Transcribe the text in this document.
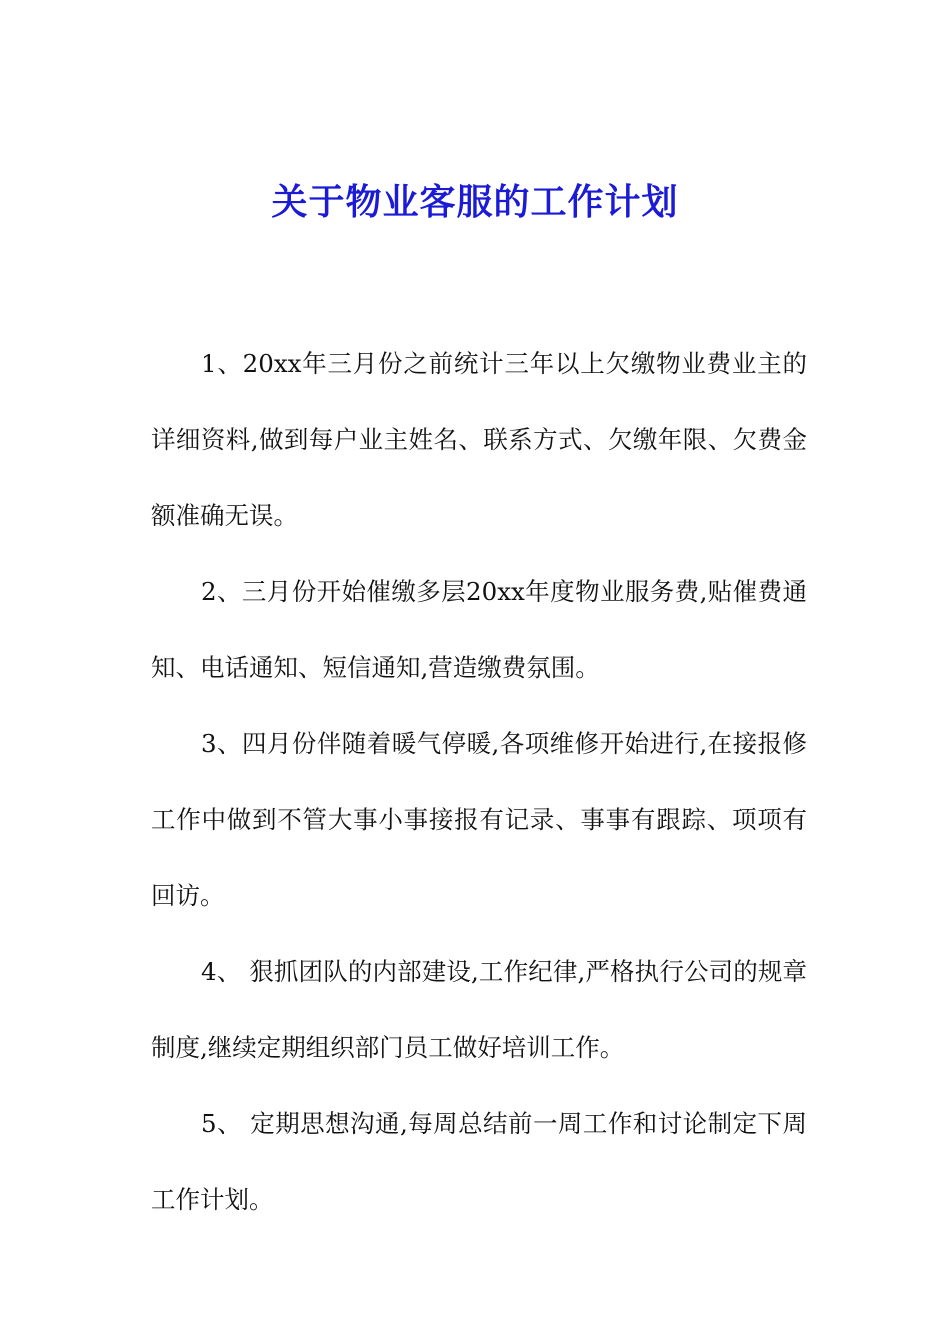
关于物业客服的工作计划

1、20xx年三月份之前统计三年以上欠缴物业费业主的详细资料,做到每户业主姓名、联系方式、欠缴年限、欠费金额准确无误。

2、三月份开始催缴多层20xx年度物业服务费,贴催费通知、电话通知、短信通知,营造缴费氛围。

3、四月份伴随着暖气停暖,各项维修开始进行,在接报修工作中做到不管大事小事接报有记录、事事有跟踪、项项有回访。

4、 狠抓团队的内部建设,工作纪律,严格执行公司的规章制度,继续定期组织部门员工做好培训工作。

5、 定期思想沟通,每周总结前一周工作和讨论制定下周工作计划。
